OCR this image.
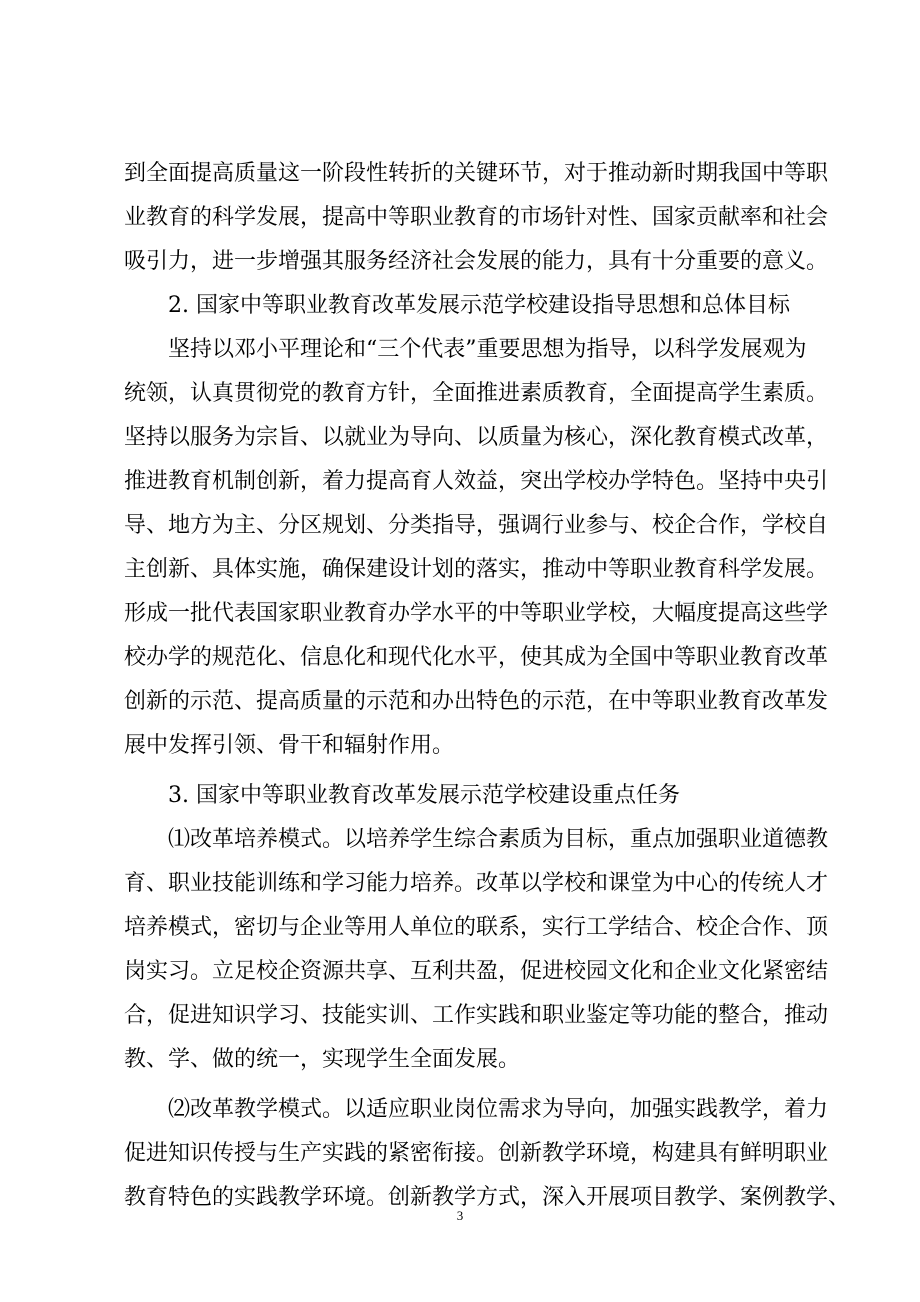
到全面提高质量这一阶段性转折的关键环节，对于推动新时期我国中等职
业教育的科学发展，提高中等职业教育的市场针对性、国家贡献率和社会
吸引力，进一步增强其服务经济社会发展的能力，具有十分重要的意义。
2. 国家中等职业教育改革发展示范学校建设指导思想和总体目标
坚持以邓小平理论和“三个代表”重要思想为指导，以科学发展观为
统领，认真贯彻党的教育方针，全面推进素质教育，全面提高学生素质。
坚持以服务为宗旨、以就业为导向、以质量为核心，深化教育模式改革，
推进教育机制创新，着力提高育人效益，突出学校办学特色。坚持中央引
导、地方为主、分区规划、分类指导，强调行业参与、校企合作，学校自
主创新、具体实施，确保建设计划的落实，推动中等职业教育科学发展。
形成一批代表国家职业教育办学水平的中等职业学校，大幅度提高这些学
校办学的规范化、信息化和现代化水平，使其成为全国中等职业教育改革
创新的示范、提高质量的示范和办出特色的示范，在中等职业教育改革发
展中发挥引领、骨干和辐射作用。
3. 国家中等职业教育改革发展示范学校建设重点任务
⑴改革培养模式。以培养学生综合素质为目标，重点加强职业道德教
育、职业技能训练和学习能力培养。改革以学校和课堂为中心的传统人才
培养模式，密切与企业等用人单位的联系，实行工学结合、校企合作、顶
岗实习。立足校企资源共享、互利共盈，促进校园文化和企业文化紧密结
合，促进知识学习、技能实训、工作实践和职业鉴定等功能的整合，推动
教、学、做的统一，实现学生全面发展。
⑵改革教学模式。以适应职业岗位需求为导向，加强实践教学，着力
促进知识传授与生产实践的紧密衔接。创新教学环境，构建具有鲜明职业
教育特色的实践教学环境。创新教学方式，深入开展项目教学、案例教学、
3
